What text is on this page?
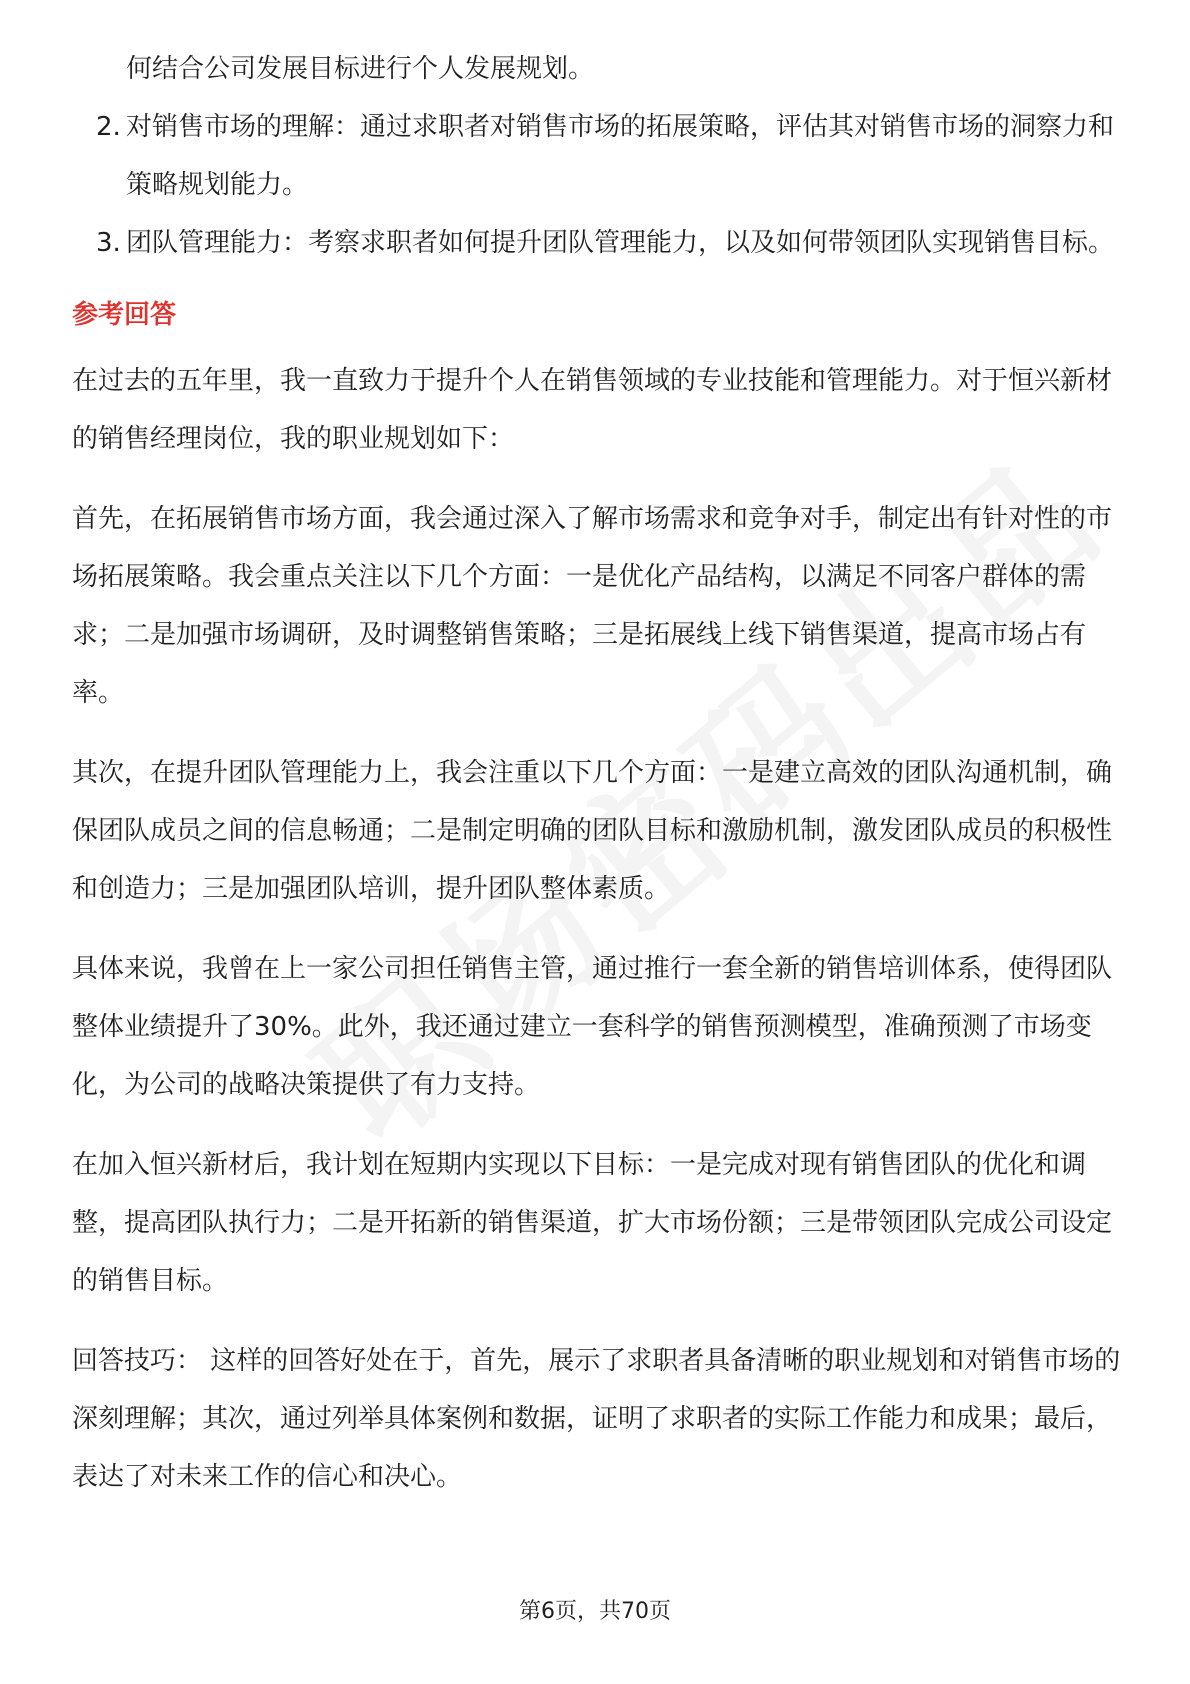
何结合公司发展目标进行个人发展规划。
2. 对销售市场的理解：通过求职者对销售市场的拓展策略，评估其对销售市场的洞察力和策略规划能力。
3. 团队管理能力：考察求职者如何提升团队管理能力，以及如何带领团队实现销售目标。
参考回答

在过去的五年里，我一直致力于提升个人在销售领域的专业技能和管理能力。对于恒兴新材的销售经理岗位，我的职业规划如下：

首先，在拓展销售市场方面，我会通过深入了解市场需求和竞争对手，制定出有针对性的市场拓展策略。我会重点关注以下几个方面：一是优化产品结构，以满足不同客户群体的需求；二是加强市场调研，及时调整销售策略；三是拓展线上线下销售渠道，提高市场占有率。

其次，在提升团队管理能力上，我会注重以下几个方面：一是建立高效的团队沟通机制，确保团队成员之间的信息畅通；二是制定明确的团队目标和激励机制，激发团队成员的积极性和创造力；三是加强团队培训，提升团队整体素质。

具体来说，我曾在上一家公司担任销售主管，通过推行一套全新的销售培训体系，使得团队整体业绩提升了30%。此外，我还通过建立一套科学的销售预测模型，准确预测了市场变化，为公司的战略决策提供了有力支持。

在加入恒兴新材后，我计划在短期内实现以下目标：一是完成对现有销售团队的优化和调整，提高团队执行力；二是开拓新的销售渠道，扩大市场份额；三是带领团队完成公司设定的销售目标。

回答技巧： 这样的回答好处在于，首先，展示了求职者具备清晰的职业规划和对销售市场的深刻理解；其次，通过列举具体案例和数据，证明了求职者的实际工作能力和成果；最后，表达了对未来工作的信心和决心。

第6页，共70页
